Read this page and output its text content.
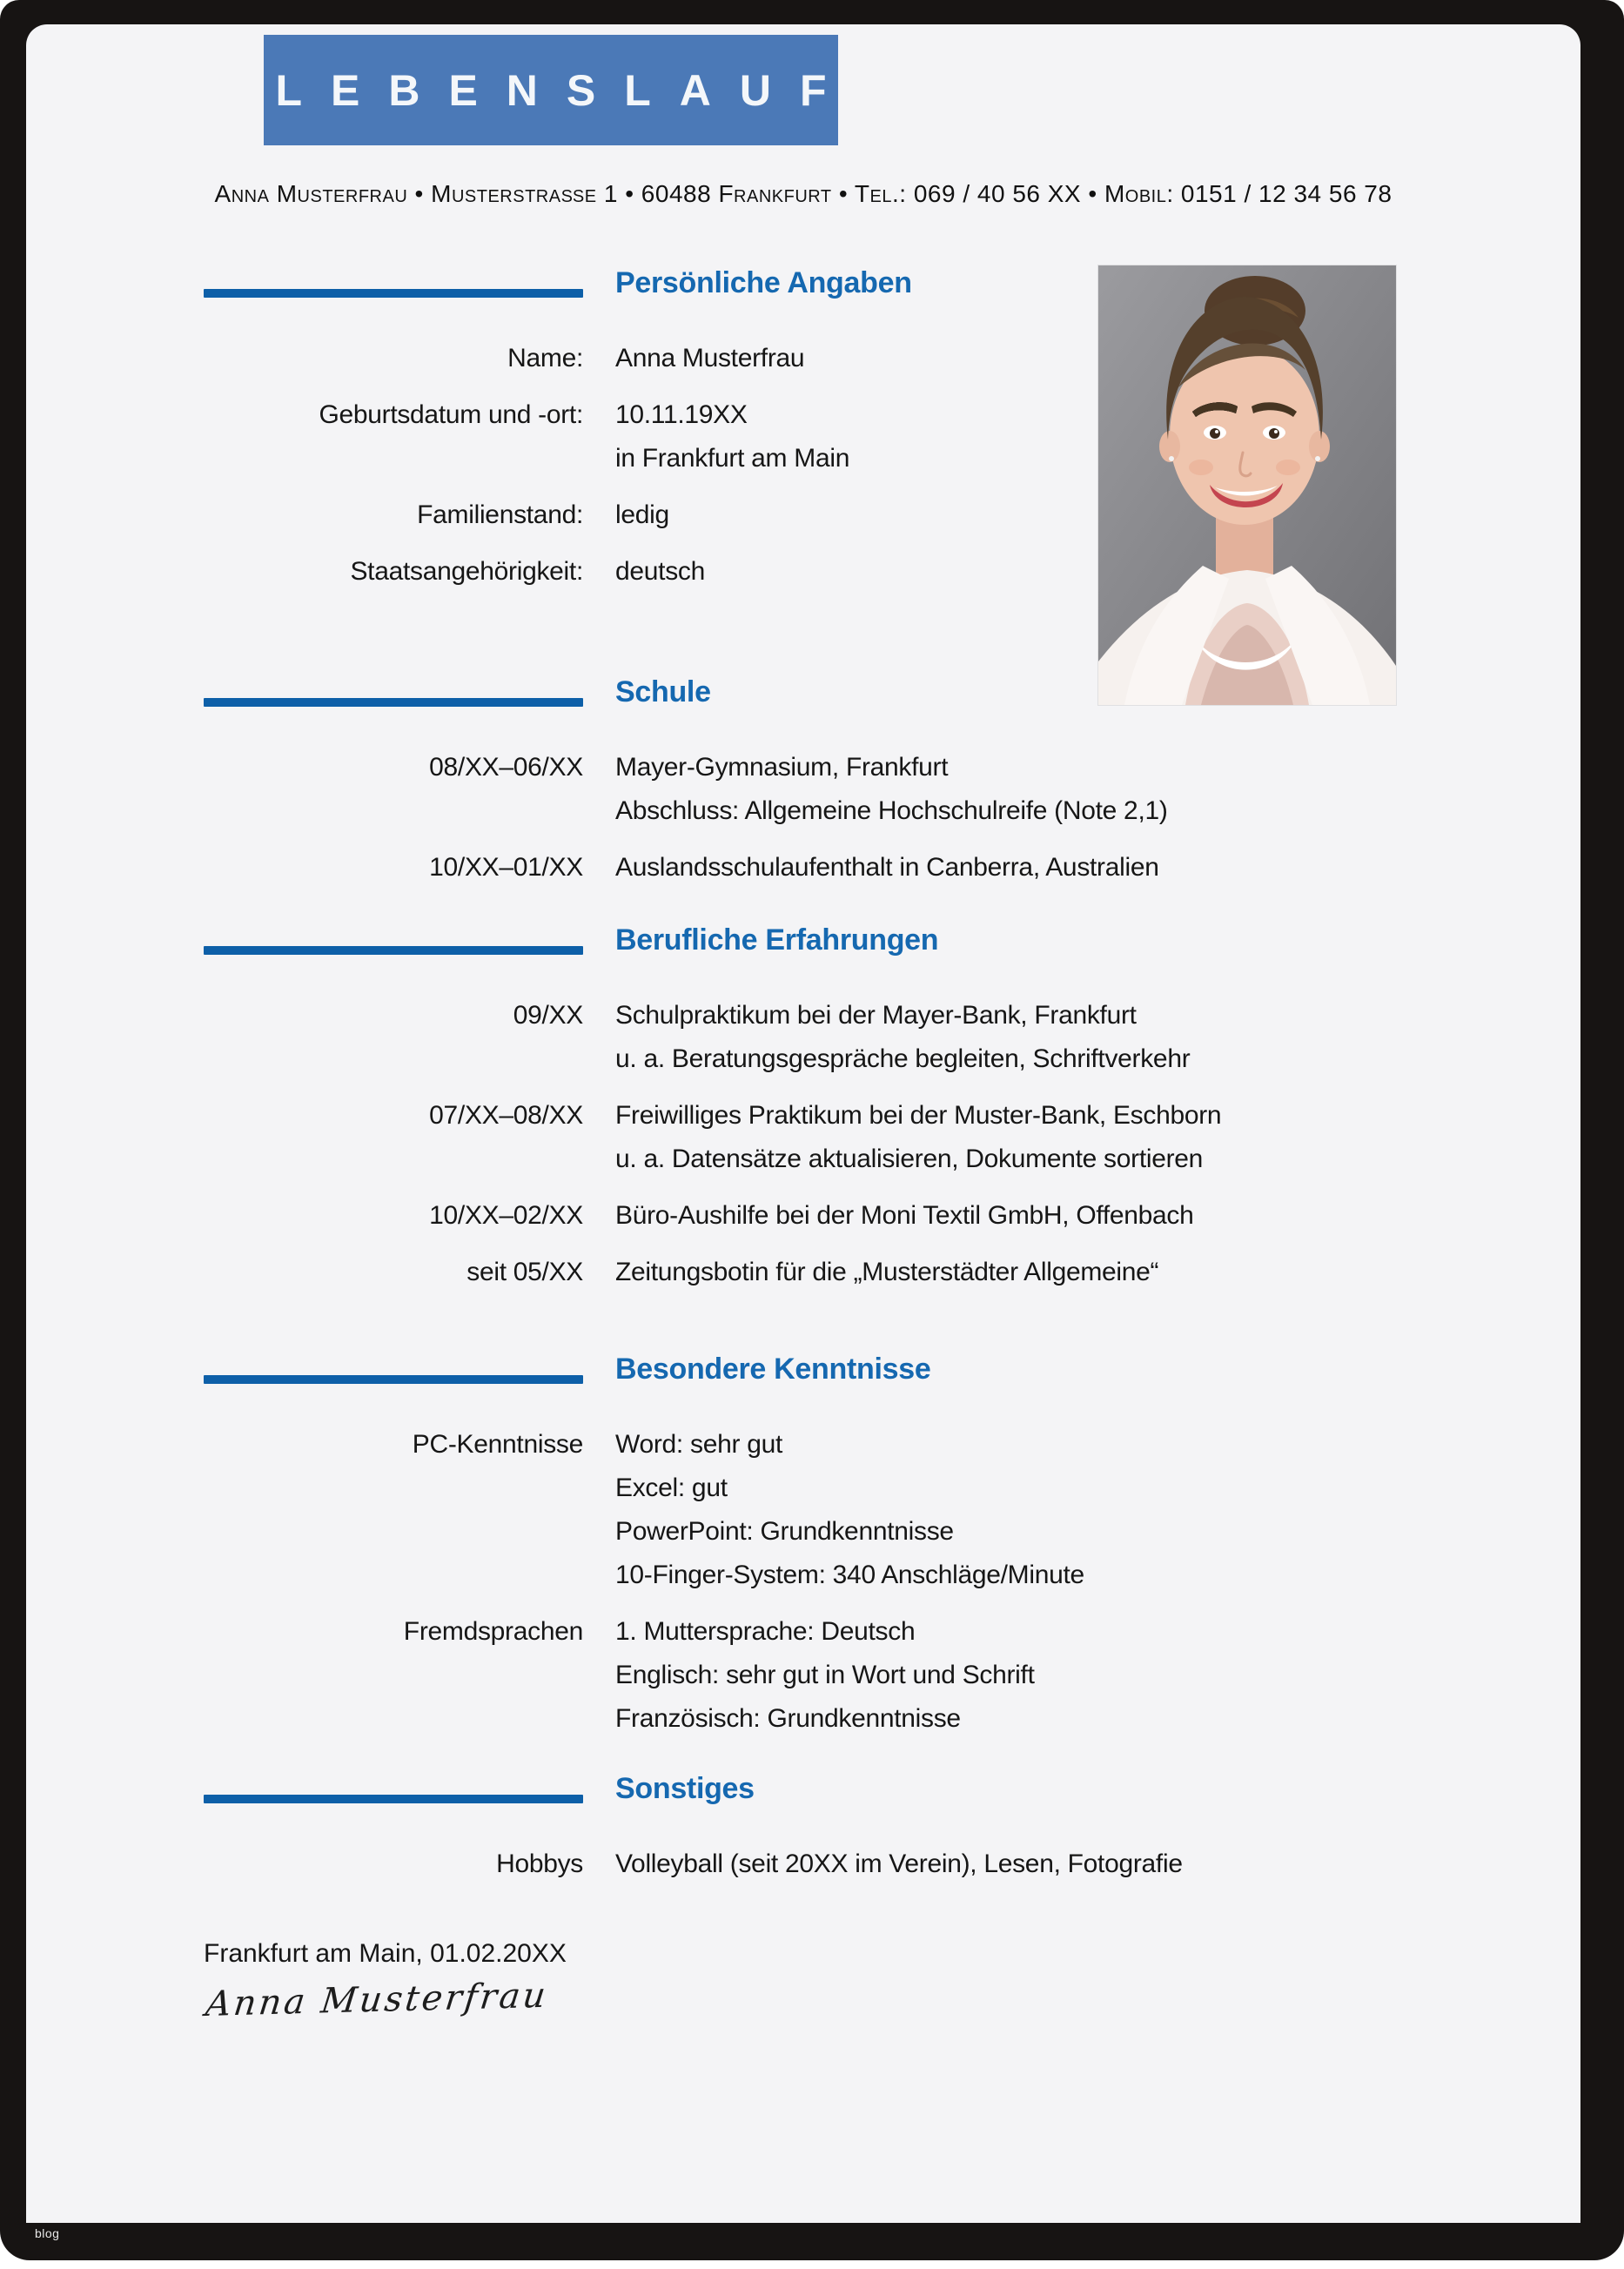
LEBENSLAUF
Anna Musterfrau • Musterstraße 1 • 60488 Frankfurt • Tel.: 069 / 40 56 XX • Mobil: 0151 / 12 34 56 78
Persönliche Angaben
Name: Anna Musterfrau
Geburtsdatum und -ort: 10.11.19XX
in Frankfurt am Main
Familienstand: ledig
Staatsangehörigkeit: deutsch
Schule
08/XX–06/XX Mayer-Gymnasium, Frankfurt
Abschluss: Allgemeine Hochschulreife (Note 2,1)
10/XX–01/XX Auslandsschulaufenthalt in Canberra, Australien
Berufliche Erfahrungen
09/XX Schulpraktikum bei der Mayer-Bank, Frankfurt
u. a. Beratungsgespräche begleiten, Schriftverkehr
07/XX–08/XX Freiwilliges Praktikum bei der Muster-Bank, Eschborn
u. a. Datensätze aktualisieren, Dokumente sortieren
10/XX–02/XX Büro-Aushilfe bei der Moni Textil GmbH, Offenbach
seit 05/XX Zeitungsbotin für die „Musterstädter Allgemeine“
Besondere Kenntnisse
PC-Kenntnisse Word: sehr gut
Excel: gut
PowerPoint: Grundkenntnisse
10-Finger-System: 340 Anschläge/Minute
Fremdsprachen 1. Muttersprache: Deutsch
Englisch: sehr gut in Wort und Schrift
Französisch: Grundkenntnisse
Sonstiges
Hobbys Volleyball (seit 20XX im Verein), Lesen, Fotografie
Frankfurt am Main, 01.02.20XX
Anna Musterfrau
blog
